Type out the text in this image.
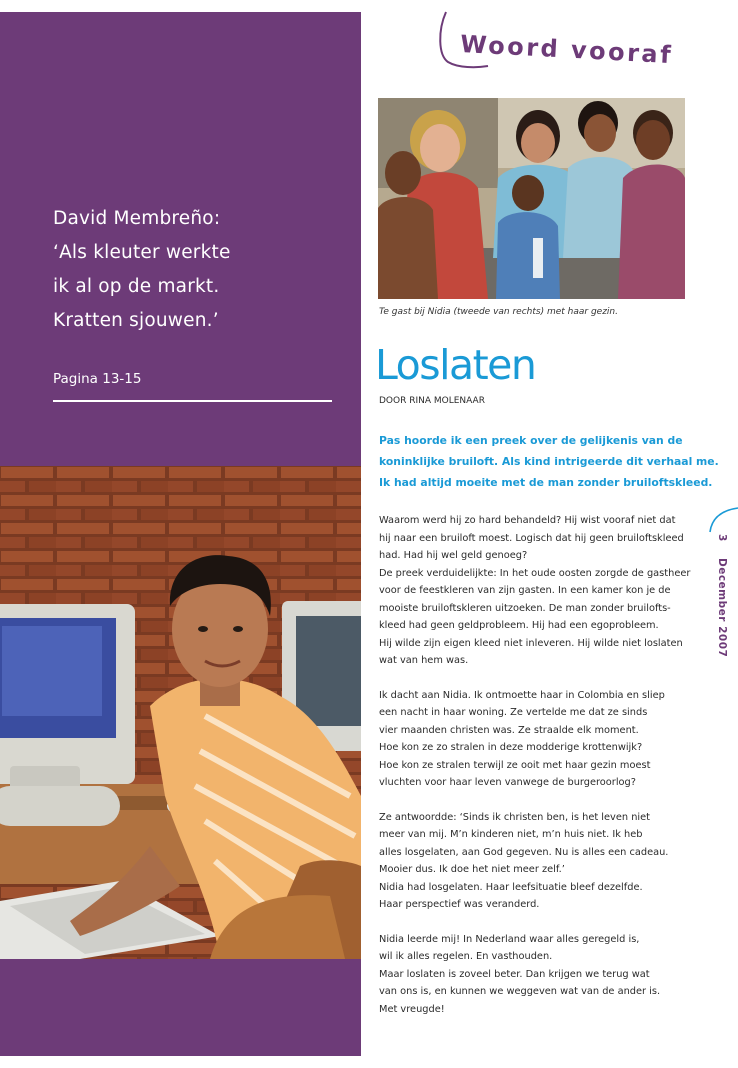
David Membreño:
‘Als kleuter werkte
ik al op de markt.
Kratten sjouwen.’
Pagina 13-15
Woord vooraf
Te gast bij Nidia (tweede van rechts) met haar gezin.
Loslaten
DOOR RINA MOLENAAR
Pas hoorde ik een preek over de gelijkenis van de
koninklijke bruiloft. Als kind intrigeerde dit verhaal me.
Ik had altijd moeite met de man zonder bruiloftskleed.
Waarom werd hij zo hard behandeld? Hij wist vooraf niet dat
hij naar een bruiloft moest. Logisch dat hij geen bruiloftskleed
had. Had hij wel geld genoeg?
De preek verduidelijkte: In het oude oosten zorgde de gastheer
voor de feestkleren van zijn gasten. In een kamer kon je de
mooiste bruiloftskleren uitzoeken. De man zonder bruilofts-
kleed had geen geldprobleem. Hij had een egoprobleem.
Hij wilde zijn eigen kleed niet inleveren. Hij wilde niet loslaten
wat van hem was.
Ik dacht aan Nidia. Ik ontmoette haar in Colombia en sliep
een nacht in haar woning. Ze vertelde me dat ze sinds
vier maanden christen was. Ze straalde elk moment.
Hoe kon ze zo stralen in deze modderige krottenwijk?
Hoe kon ze stralen terwijl ze ooit met haar gezin moest
vluchten voor haar leven vanwege de burgeroorlog?
Ze antwoordde: ‘Sinds ik christen ben, is het leven niet
meer van mij. M’n kinderen niet, m’n huis niet. Ik heb
alles losgelaten, aan God gegeven. Nu is alles een cadeau.
Mooier dus. Ik doe het niet meer zelf.’
Nidia had losgelaten. Haar leefsituatie bleef dezelfde.
Haar perspectief was veranderd.
Nidia leerde mij! In Nederland waar alles geregeld is,
wil ik alles regelen. En vasthouden.
Maar loslaten is zoveel beter. Dan krijgen we terug wat
van ons is, en kunnen we weggeven wat van de ander is.
Met vreugde!
3  December 2007
